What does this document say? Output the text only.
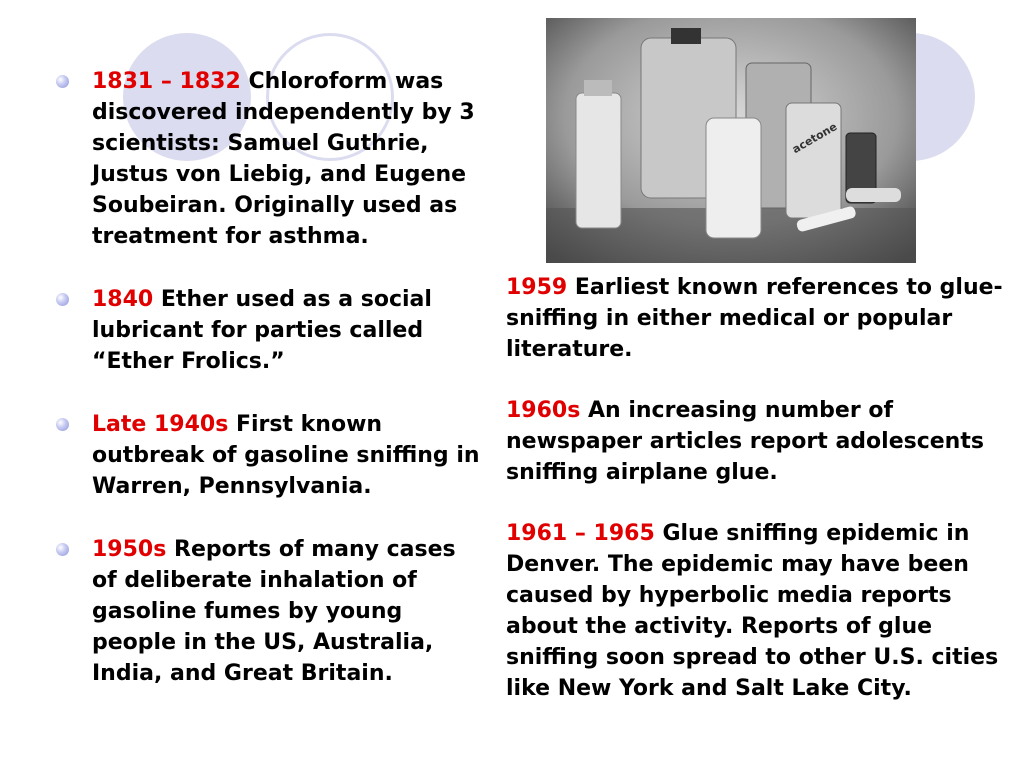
acetone
1831 – 1832 Chloroform was discovered independently by 3 scientists: Samuel Guthrie, Justus von Liebig, and Eugene Soubeiran. Originally used as treatment for asthma.
1840 Ether used as a social lubricant for parties called “Ether Frolics.”
Late 1940s First known outbreak of gasoline sniffing in Warren, Pennsylvania.
1950s Reports of many cases of deliberate inhalation of gasoline fumes by young people in the US, Australia, India, and Great Britain.

1959 Earliest known references to glue-sniffing in either medical or popular literature.

1960s An increasing number of newspaper articles report adolescents sniffing airplane glue.

1961 – 1965 Glue sniffing epidemic in Denver. The epidemic may have been caused by hyperbolic media reports about the activity. Reports of glue sniffing soon spread to other U.S. cities like New York and Salt Lake City.
